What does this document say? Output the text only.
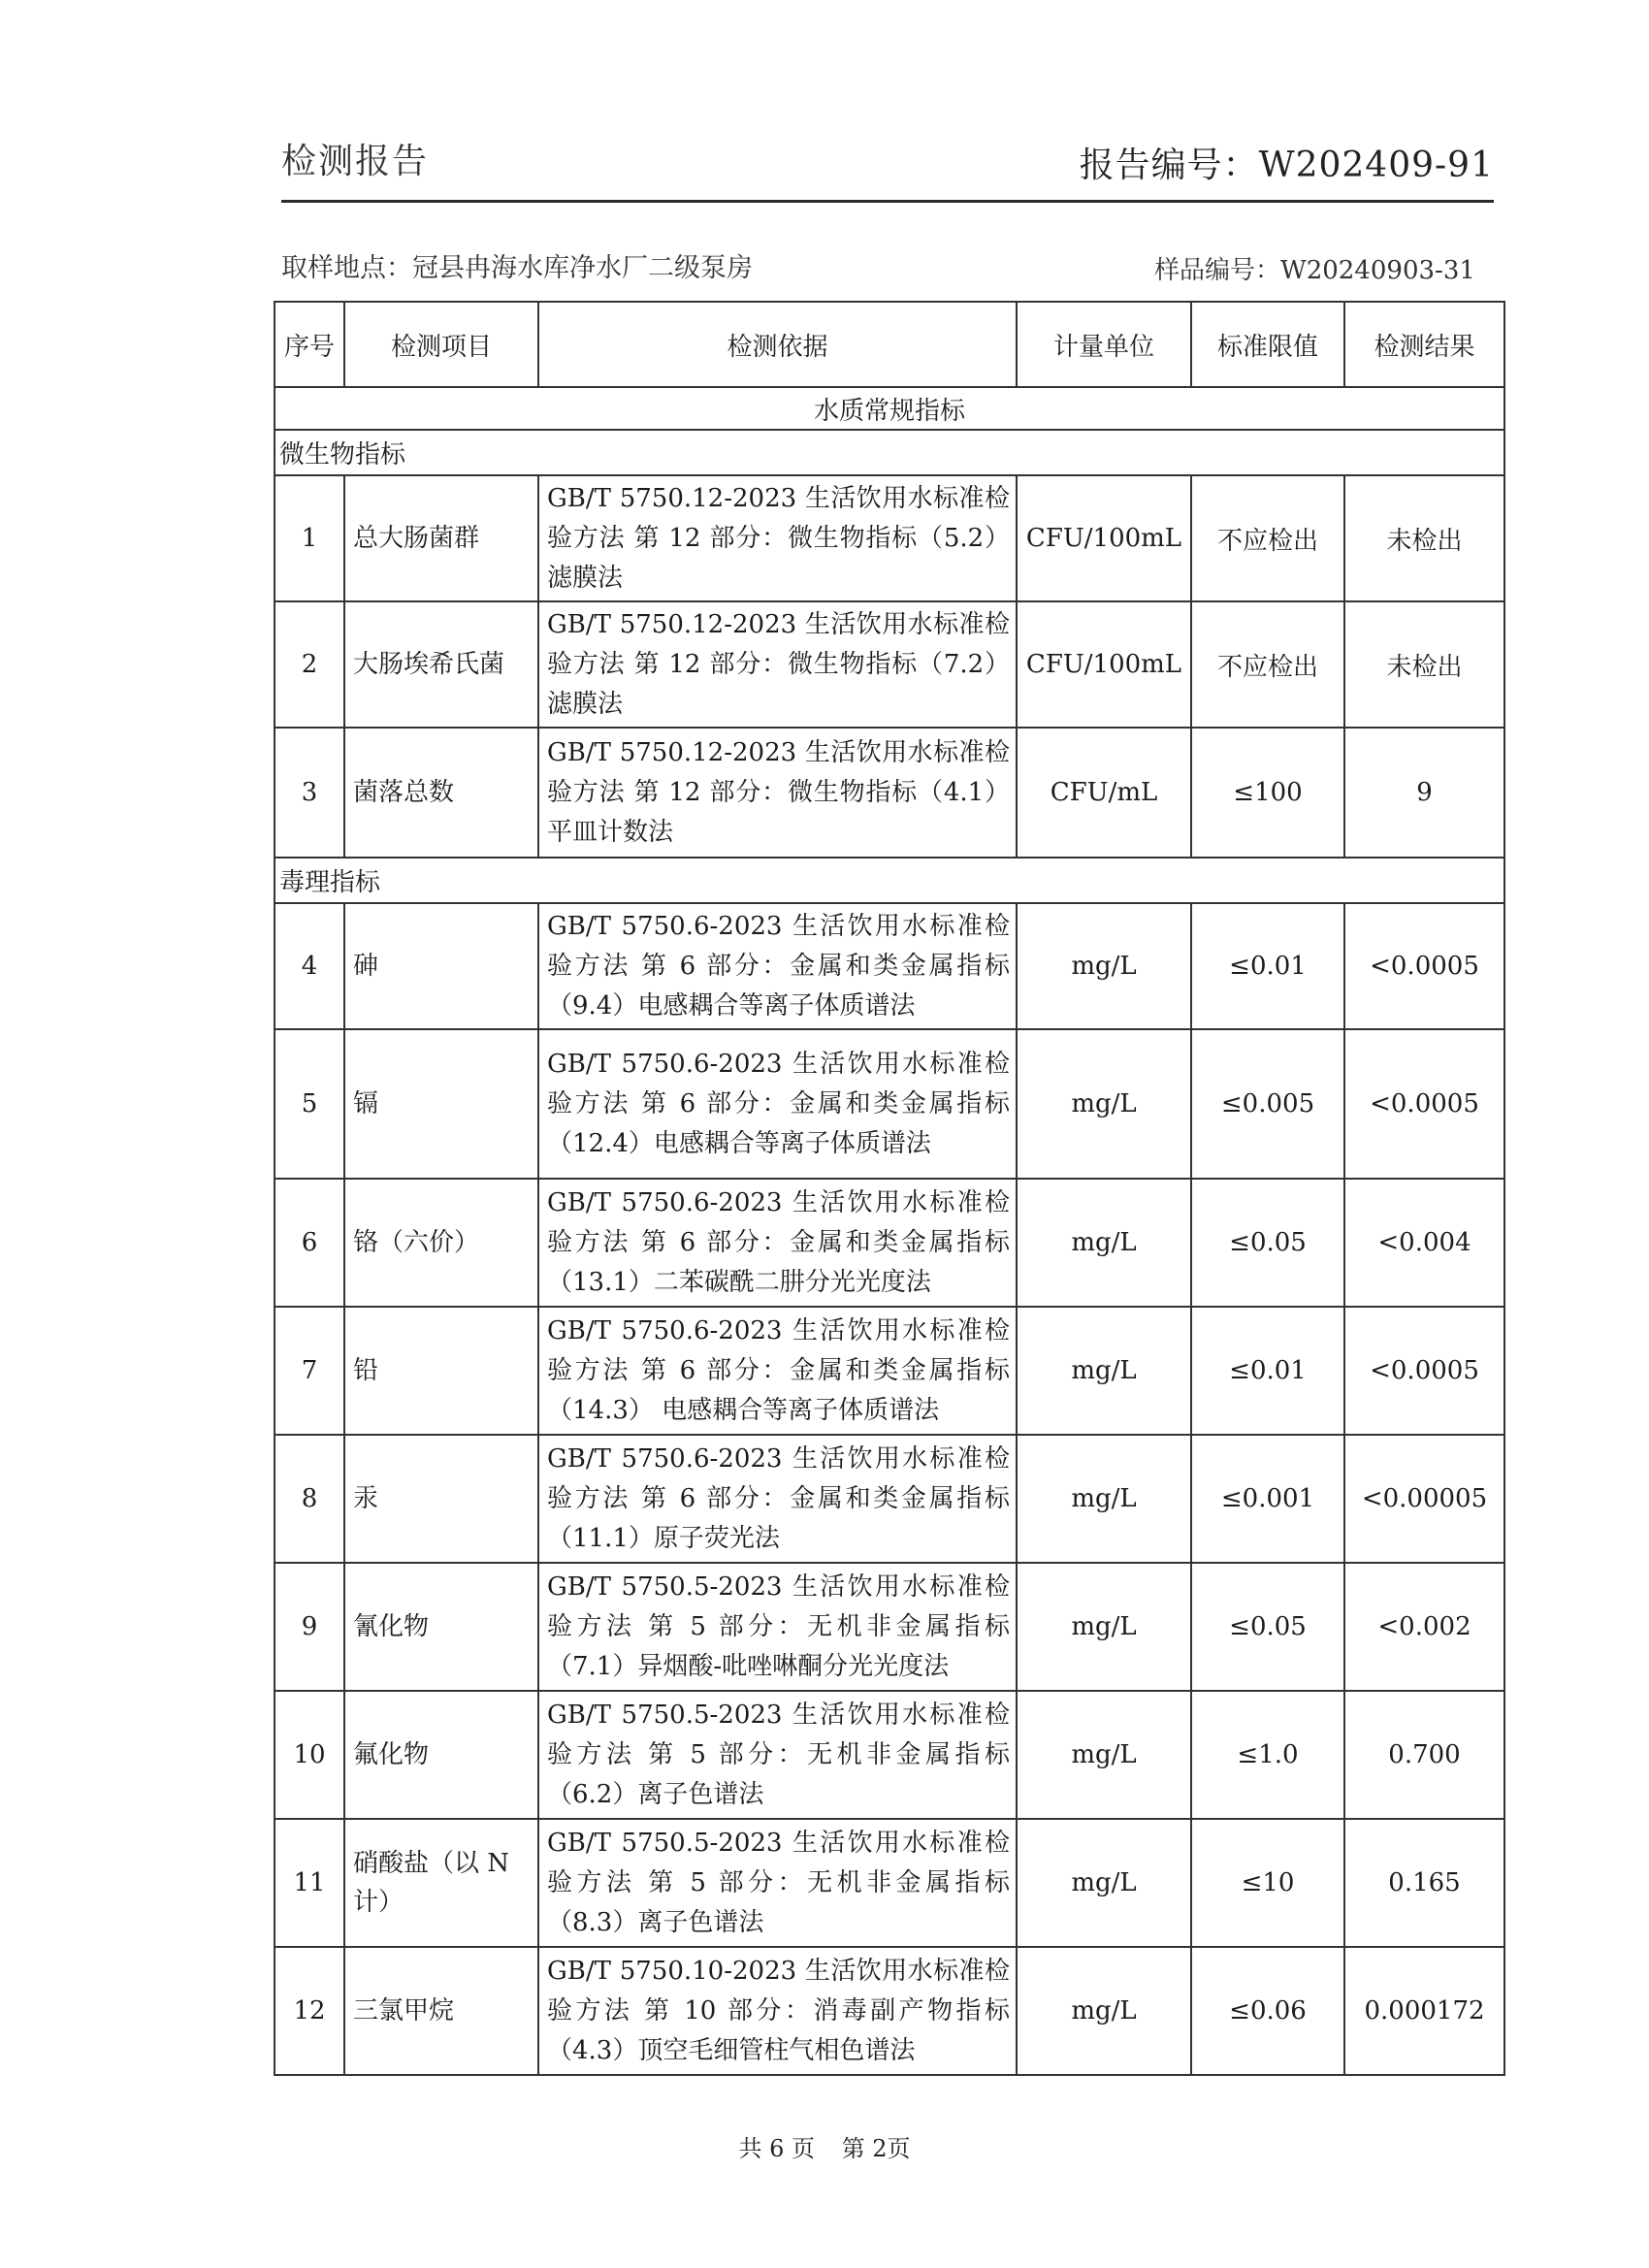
检测报告	报告编号：W202409-91
取样地点：冠县冉海水库净水厂二级泵房	样品编号：W20240903-31
序号	检测项目	检测依据	计量单位	标准限值	检测结果
水质常规指标					
微生物指标					
1	总大肠菌群	GB/T 5750.12-2023 生活饮用水标准检验方法 第 12 部分：微生物指标（5.2）滤膜法	CFU/100mL	不应检出	未检出
2	大肠埃希氏菌	GB/T 5750.12-2023 生活饮用水标准检验方法 第 12 部分：微生物指标（7.2）滤膜法	CFU/100mL	不应检出	未检出
3	菌落总数	GB/T 5750.12-2023 生活饮用水标准检验方法 第 12 部分：微生物指标（4.1）平皿计数法	CFU/mL	≤100	9
毒理指标					
4	砷	GB/T 5750.6-2023 生活饮用水标准检验方法 第 6 部分：金属和类金属指标（9.4）电感耦合等离子体质谱法	mg/L	≤0.01	<0.0005
5	镉	GB/T 5750.6-2023 生活饮用水标准检验方法 第 6 部分：金属和类金属指标（12.4）电感耦合等离子体质谱法	mg/L	≤0.005	<0.0005
6	铬（六价）	GB/T 5750.6-2023 生活饮用水标准检验方法 第 6 部分：金属和类金属指标（13.1）二苯碳酰二肼分光光度法	mg/L	≤0.05	<0.004
7	铅	GB/T 5750.6-2023 生活饮用水标准检验方法 第 6 部分：金属和类金属指标（14.3） 电感耦合等离子体质谱法	mg/L	≤0.01	<0.0005
8	汞	GB/T 5750.6-2023 生活饮用水标准检验方法 第 6 部分：金属和类金属指标（11.1）原子荧光法	mg/L	≤0.001	<0.00005
9	氰化物	GB/T 5750.5-2023 生活饮用水标准检验方法 第 5 部分：无机非金属指标（7.1）异烟酸-吡唑啉酮分光光度法	mg/L	≤0.05	<0.002
10	氟化物	GB/T 5750.5-2023 生活饮用水标准检验方法 第 5 部分：无机非金属指标（6.2）离子色谱法	mg/L	≤1.0	0.700
11	硝酸盐（以 N 计）	GB/T 5750.5-2023 生活饮用水标准检验方法 第 5 部分：无机非金属指标（8.3）离子色谱法	mg/L	≤10	0.165
12	三氯甲烷	GB/T 5750.10-2023 生活饮用水标准检验方法 第 10 部分：消毒副产物指标（4.3）顶空毛细管柱气相色谱法	mg/L	≤0.06	0.000172
共 6 页 第 2页
